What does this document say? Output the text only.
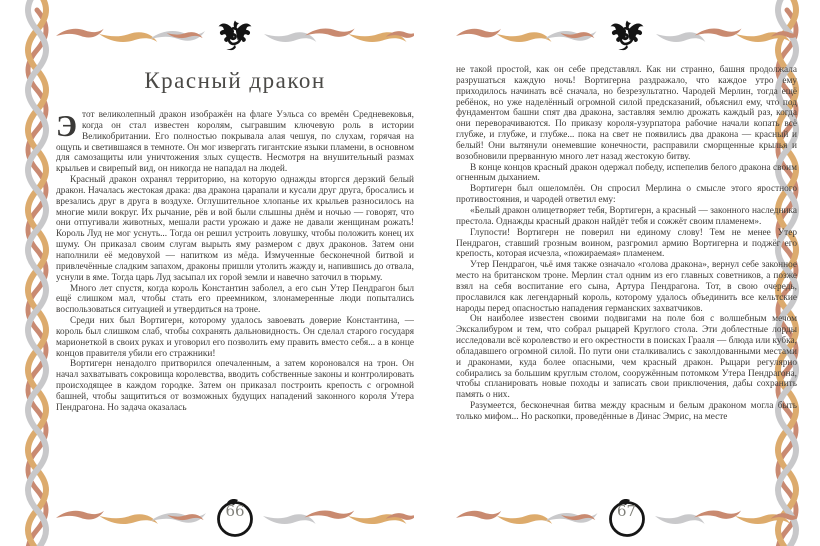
Красный дракон

Этот великолепный дракон изображён на флаге Уэльса со времён Средневековья, когда он стал известен королям, сыгравшим ключевую роль в истории Великобритании. Его полностью покрывала алая чешуя, по слухам, горячая на ощупь и светившаяся в темноте. Он мог извергать гигантские языки пламени, в основном для самозащиты или уничтожения злых существ. Несмотря на внушительный размах крыльев и свирепый вид, он никогда не нападал на людей.

Красный дракон охранял территорию, на которую однажды вторгся дерзкий белый дракон. Началась жестокая драка: два дракона царапали и кусали друг друга, бросались и врезались друг в друга в воздухе. Оглушительное хлопанье их крыльев разносилось на многие мили вокруг. Их рычание, рёв и вой были слышны днём и ночью — говорят, что они отпугивали животных, мешали расти урожаю и даже не давали женщинам рожать! Король Луд не мог уснуть... Тогда он решил устроить ловушку, чтобы положить конец их шуму. Он приказал своим слугам вырыть яму размером с двух драконов. Затем они наполнили её медовухой — напитком из мёда. Измученные бесконечной битвой и привлечённые сладким запахом, драконы пришли утолить жажду и, напившись до отвала, уснули в яме. Тогда царь Луд засыпал их горой земли и навечно заточил в тюрьму.

Много лет спустя, когда король Константин заболел, а его сын Утер Пендрагон был ещё слишком мал, чтобы стать его преемником, злонамеренные люди попытались воспользоваться ситуацией и утвердиться на троне.

Среди них был Вортигерн, которому удалось завоевать доверие Константина, — король был слишком слаб, чтобы сохранять дальновидность. Он сделал старого государя марионеткой в своих руках и уговорил его позволить ему править вместо себя... а в конце концов правителя убили его стражники!

Вортигерн ненадолго притворился опечаленным, а затем короновался на трон. Он начал захватывать сокровища королевства, вводить собственные законы и контролировать происходящее в каждом городке. Затем он приказал построить крепость с огромной башней, чтобы защититься от возможных будущих нападений законного короля Утера Пендрагона. Но задача оказалась

66

не такой простой, как он себе представлял. Как ни странно, башня продолжала разрушаться каждую ночь! Вортигерна раздражало, что каждое утро ему приходилось начинать всё сначала, но безрезультатно. Чародей Мерлин, тогда ещё ребёнок, но уже наделённый огромной силой предсказаний, объяснил ему, что под фундаментом башни спят два дракона, заставляя землю дрожать каждый раз, когда они переворачиваются. По приказу короля-узурпатора рабочие начали копать всё глубже, и глубже, и глубже... пока на свет не появились два дракона — красный и белый! Они вытянули онемевшие конечности, расправили сморщенные крылья и возобновили прерванную много лет назад жестокую битву.

В конце концов красный дракон одержал победу, испепелив белого дракона своим огненным дыханием.

Вортигерн был ошеломлён. Он спросил Мерлина о смысле этого яростного противостояния, и чародей ответил ему:

«Белый дракон олицетворяет тебя, Вортигерн, а красный — законного наследника престола. Однажды красный дракон найдёт тебя и сожжёт своим пламенем».

Глупости! Вортигерн не поверил ни единому слову! Тем не менее Утер Пендрагон, ставший грозным воином, разгромил армию Вортигерна и поджёг его крепость, которая исчезла, «пожираемая» пламенем.

Утер Пендрагон, чьё имя также означало «голова дракона», вернул себе законное место на британском троне. Мерлин стал одним из его главных советников, а позже взял на себя воспитание его сына, Артура Пендрагона. Тот, в свою очередь, прославился как легендарный король, которому удалось объединить все кельтские народы перед опасностью нападения германских захватчиков.

Он наиболее известен своими подвигами на поле боя с волшебным мечом Экскалибуром и тем, что собрал рыцарей Круглого стола. Эти доблестные лорды исследовали всё королевство и его окрестности в поисках Грааля — блюда или кубка, обладавшего огромной силой. По пути они сталкивались с заколдованными местами и драконами, куда более опасными, чем красный дракон. Рыцари регулярно собирались за большим круглым столом, сооружённым потомком Утера Пендрагона, чтобы спланировать новые походы и записать свои приключения, дабы сохранить память о них.

Разумеется, бесконечная битва между красным и белым драконом могла быть только мифом... Но раскопки, проведённые в Динас Эмрис, на месте

67
